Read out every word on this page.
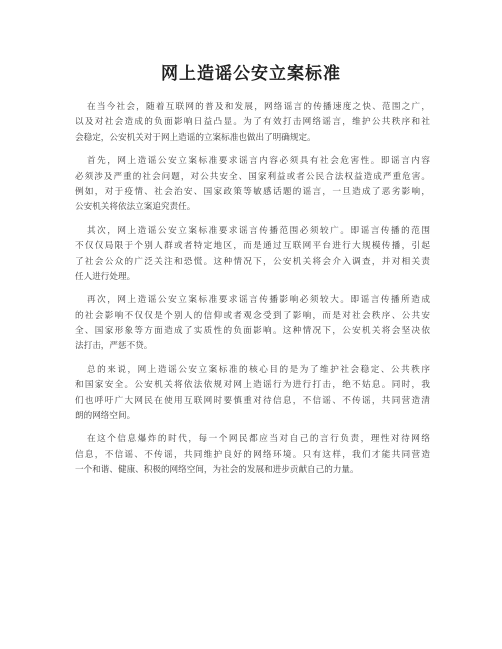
网上造谣公安立案标准
在当今社会，随着互联网的普及和发展，网络谣言的传播速度之快、范围之广，
以及对社会造成的负面影响日益凸显。为了有效打击网络谣言，维护公共秩序和社
会稳定，公安机关对于网上造谣的立案标准也做出了明确规定。
首先，网上造谣公安立案标准要求谣言内容必须具有社会危害性。即谣言内容
必须涉及严重的社会问题，对公共安全、国家利益或者公民合法权益造成严重危害。
例如，对于疫情、社会治安、国家政策等敏感话题的谣言，一旦造成了恶劣影响，
公安机关将依法立案追究责任。
其次，网上造谣公安立案标准要求谣言传播范围必须较广。即谣言传播的范围
不仅仅局限于个别人群或者特定地区，而是通过互联网平台进行大规模传播，引起
了社会公众的广泛关注和恐慌。这种情况下，公安机关将会介入调查，并对相关责
任人进行处理。
再次，网上造谣公安立案标准要求谣言传播影响必须较大。即谣言传播所造成
的社会影响不仅仅是个别人的信仰或者观念受到了影响，而是对社会秩序、公共安
全、国家形象等方面造成了实质性的负面影响。这种情况下，公安机关将会坚决依
法打击，严惩不贷。
总的来说，网上造谣公安立案标准的核心目的是为了维护社会稳定、公共秩序
和国家安全。公安机关将依法依规对网上造谣行为进行打击，绝不姑息。同时，我
们也呼吁广大网民在使用互联网时要慎重对待信息，不信谣、不传谣，共同营造清
朗的网络空间。
在这个信息爆炸的时代，每一个网民都应当对自己的言行负责，理性对待网络
信息，不信谣、不传谣，共同维护良好的网络环境。只有这样，我们才能共同营造
一个和谐、健康、积极的网络空间，为社会的发展和进步贡献自己的力量。
